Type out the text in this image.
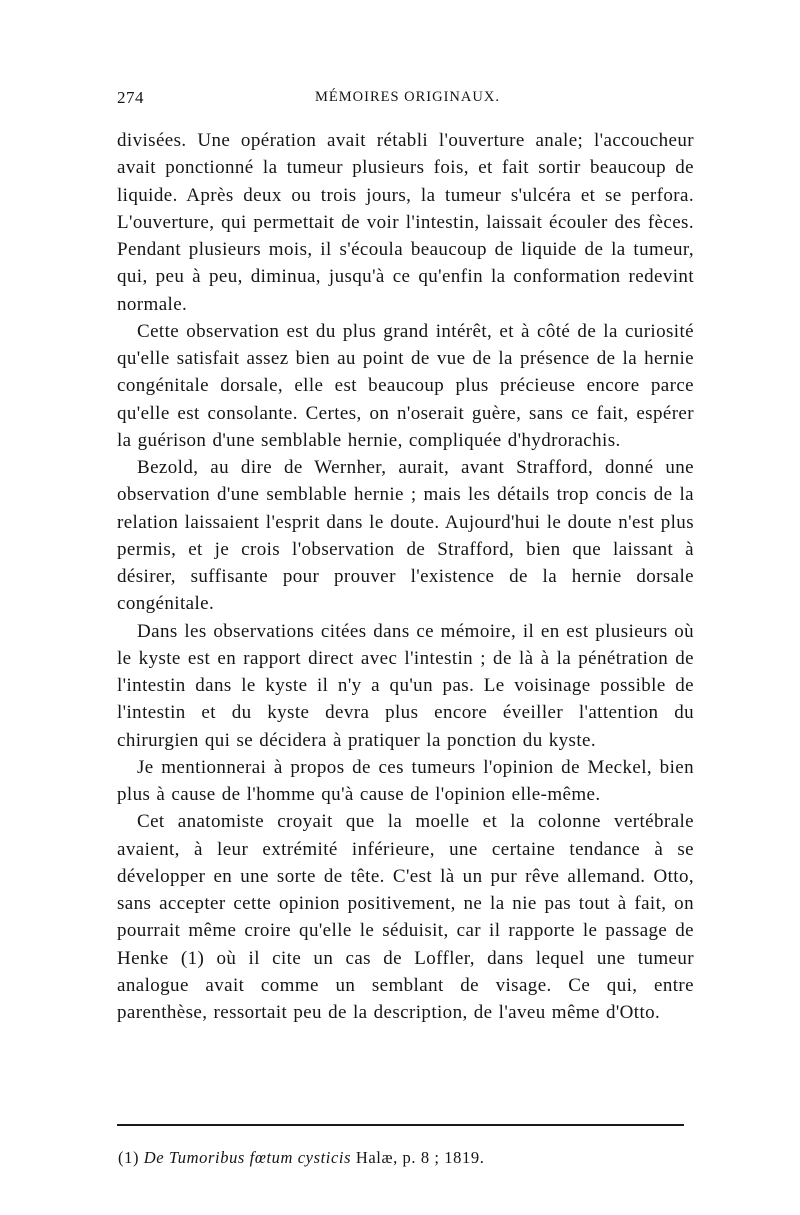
274	MÉMOIRES ORIGINAUX.

divisées. Une opération avait rétabli l'ouverture anale; l'accoucheur avait ponctionné la tumeur plusieurs fois, et fait sortir beaucoup de liquide. Après deux ou trois jours, la tumeur s'ulcéra et se perfora. L'ouverture, qui permettait de voir l'intestin, laissait écouler des fèces. Pendant plusieurs mois, il s'écoula beaucoup de liquide de la tumeur, qui, peu à peu, diminua, jusqu'à ce qu'enfin la conformation redevint normale.

Cette observation est du plus grand intérêt, et à côté de la curiosité qu'elle satisfait assez bien au point de vue de la présence de la hernie congénitale dorsale, elle est beaucoup plus précieuse encore parce qu'elle est consolante. Certes, on n'oserait guère, sans ce fait, espérer la guérison d'une semblable hernie, compliquée d'hydrorachis.

Bezold, au dire de Wernher, aurait, avant Strafford, donné une observation d'une semblable hernie ; mais les détails trop concis de la relation laissaient l'esprit dans le doute. Aujourd'hui le doute n'est plus permis, et je crois l'observation de Strafford, bien que laissant à désirer, suffisante pour prouver l'existence de la hernie dorsale congénitale.

Dans les observations citées dans ce mémoire, il en est plusieurs où le kyste est en rapport direct avec l'intestin ; de là à la pénétration de l'intestin dans le kyste il n'y a qu'un pas. Le voisinage possible de l'intestin et du kyste devra plus encore éveiller l'attention du chirurgien qui se décidera à pratiquer la ponction du kyste.

Je mentionnerai à propos de ces tumeurs l'opinion de Meckel, bien plus à cause de l'homme qu'à cause de l'opinion elle-même.

Cet anatomiste croyait que la moelle et la colonne vertébrale avaient, à leur extrémité inférieure, une certaine tendance à se développer en une sorte de tête. C'est là un pur rêve allemand. Otto, sans accepter cette opinion positivement, ne la nie pas tout à fait, on pourrait même croire qu'elle le séduisit, car il rapporte le passage de Henke (1) où il cite un cas de Loffler, dans lequel une tumeur analogue avait comme un semblant de visage. Ce qui, entre parenthèse, ressortait peu de la description, de l'aveu même d'Otto.

(1) De Tumoribus fœtum cysticis Halæ, p. 8 ; 1819.
